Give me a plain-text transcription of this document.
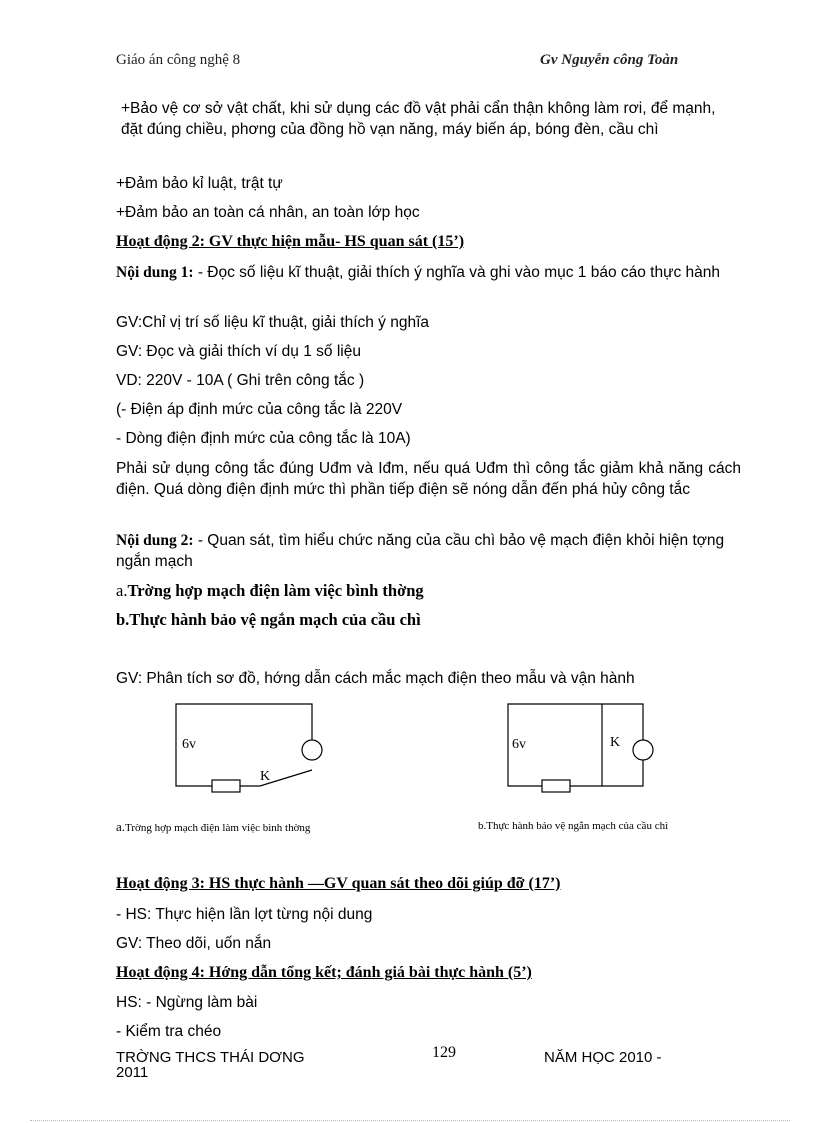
Giáo án công nghệ 8	Gv Nguyễn công Toàn
+Bảo vệ cơ sở vật chất, khi sử dụng các đồ vật phải cẩn thận không làm rơi, để mạnh, đặt đúng chiều, phơng của đồng hồ vạn năng, máy biến áp, bóng đèn, cầu chì
+Đảm bảo kỉ luật, trật tự
+Đảm bảo an toàn cá nhân, an toàn lớp học
Hoạt động 2: GV thực hiện mẫu- HS quan sát (15’)
Nội dung 1: - Đọc số liệu kĩ thuật, giải thích ý nghĩa và ghi vào mục 1 báo cáo thực hành
GV:Chỉ vị trí số liệu kĩ thuật, giải thích ý nghĩa
GV: Đọc và giải thích ví dụ 1 số liệu
VD: 220V - 10A ( Ghi trên công tắc )
(- Điện áp định mức của công tắc là 220V
- Dòng điện định mức của công tắc là 10A)
Phải sử dụng công tắc đúng Uđm và Iđm, nếu quá Uđm thì công tắc giảm khả năng cách điện. Quá dòng điện định mức thì phần tiếp điện sẽ nóng dẫn đến phá hủy công tắc
Nội dung 2: - Quan sát, tìm hiểu chức năng của cầu chì bảo vệ mạch điện khỏi hiện tợng ngắn mạch
a.Trờng hợp mạch điện làm việc bình thờng
b.Thực hành bảo vệ ngắn mạch của cầu chì
GV: Phân tích sơ đồ, hớng dẫn cách mắc mạch điện theo mẫu và vận hành
6v
K
6v	K
a.Trờng hợp mạch điện làm việc bình thờng	b.Thực hành bảo vệ ngắn mạch của cầu chì
Hoạt động 3: HS thực hành —GV quan sát theo dõi giúp đỡ (17’)
- HS: Thực hiện lần lợt từng nội dung
GV: Theo dõi, uốn nắn
Hoạt động 4: Hớng dẫn tổng kết; đánh giá bài thực hành (5’)
HS: - Ngừng làm bài
- Kiểm tra chéo
TRỜNG THCS THÁI DƠNG
2011
129	NĂM HỌC 2010 -
